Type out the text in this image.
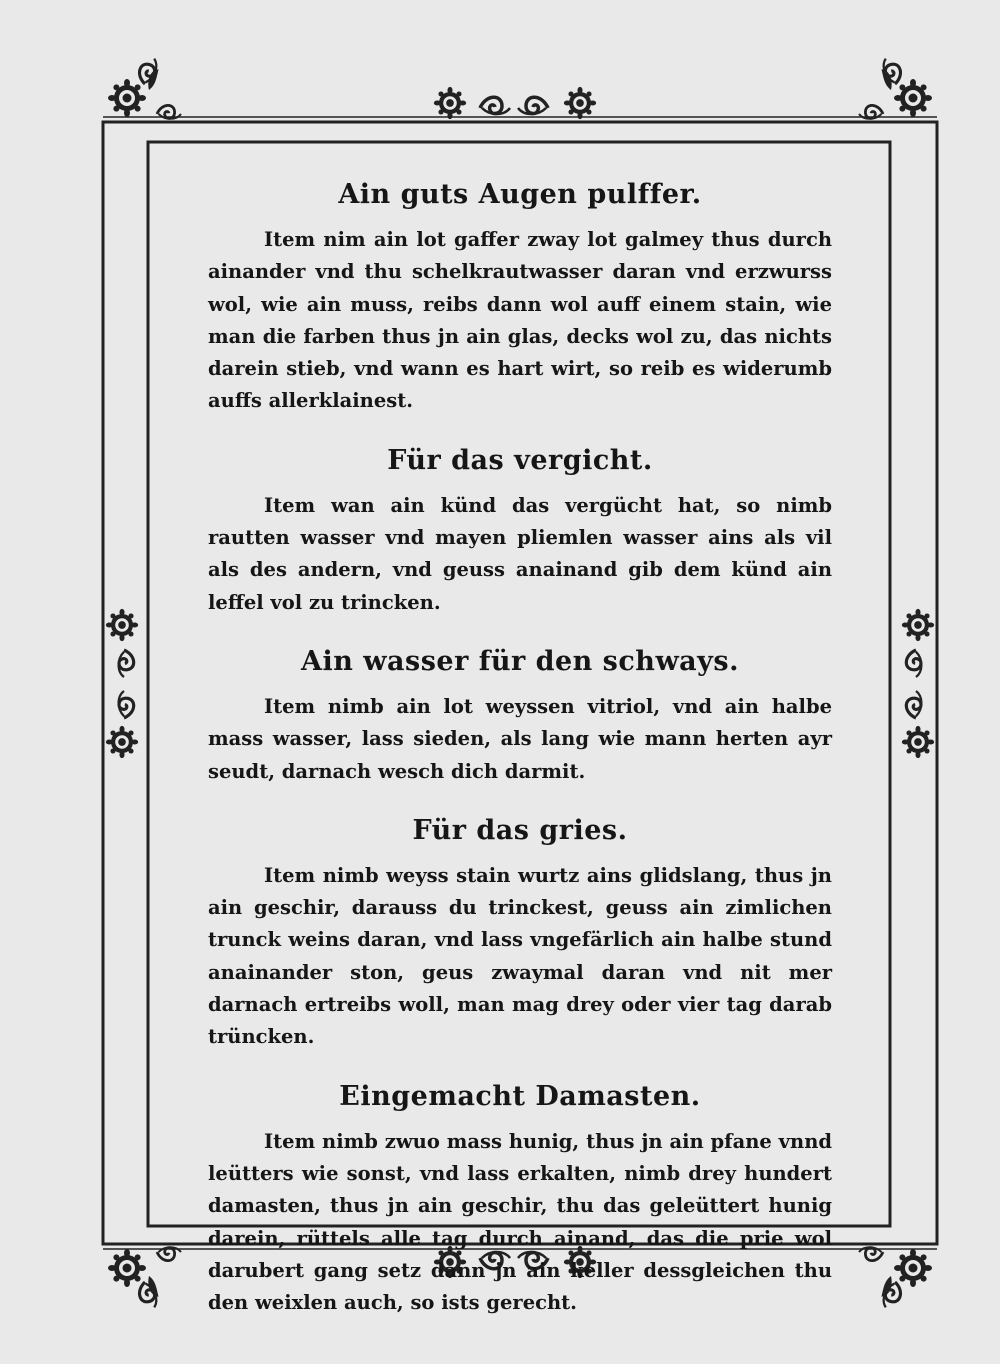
Ain guts Augen pulffer.

Item nim ain lot gaffer zway lot galmey thus durch ainander vnd thu schelkrautwasser daran vnd erzwurss wol, wie ain muss, reibs dann wol auff einem stain, wie man die farben thus jn ain glas, decks wol zu, das nichts darein stieb, vnd wann es hart wirt, so reib es widerumb auffs allerklainest.

Für das vergicht.

Item wan ain künd das vergücht hat, so nimb rautten wasser vnd mayen pliemlen wasser ains als vil als des andern, vnd geuss anainand gib dem künd ain leffel vol zu trincken.

Ain wasser für den schways.

Item nimb ain lot weyssen vitriol, vnd ain halbe mass wasser, lass sieden, als lang wie mann herten ayr seudt, darnach wesch dich darmit.

Für das gries.

Item nimb weyss stain wurtz ains glidslang, thus jn ain geschir, darauss du trinckest, geuss ain zimlichen trunck weins daran, vnd lass vngefärlich ain halbe stund anainander ston, geus zwaymal daran vnd nit mer darnach ertreibs woll, man mag drey oder vier tag darab trüncken.

Eingemacht Damasten.

Item nimb zwuo mass hunig, thus jn ain pfane vnnd leütters wie sonst, vnd lass erkalten, nimb drey hundert damasten, thus jn ain geschir, thu das geleüttert hunig darein, rüttels alle tag durch ainand, das die prie wol darubert gang setz dann jn ain keller dessgleichen thu den weixlen auch, so ists gerecht.
